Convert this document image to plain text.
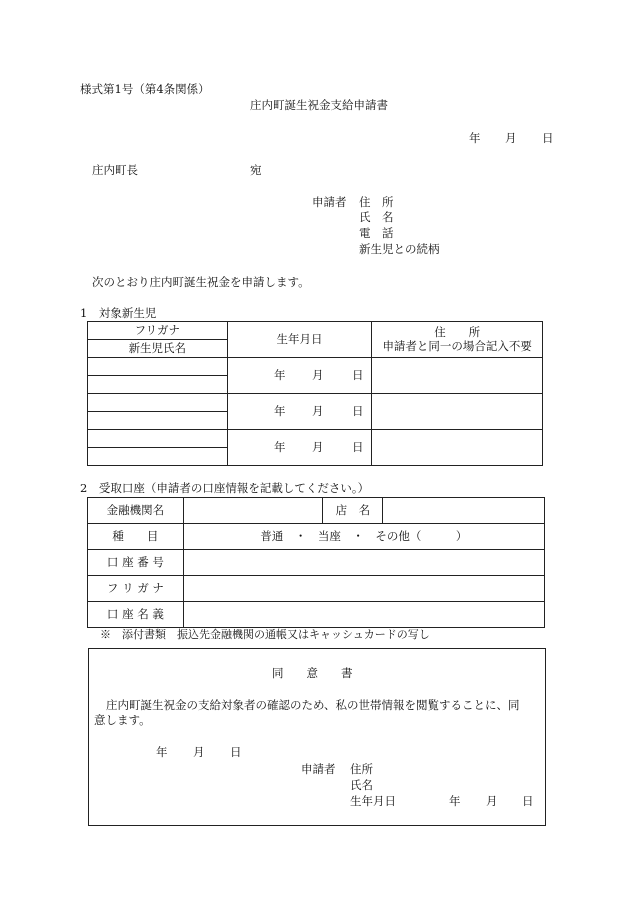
様式第1号（第4条関係）
庄内町誕生祝金支給申請書
年 月 日
庄内町長	宛
申請者 住　所
氏　名
電　話
新生児との続柄
次のとおり庄内町誕生祝金を申請します。
1　対象新生児
フリガナ	生年月日	住　　所
申請者と同一の場合記入不要

新生児氏名		
	年 月 日	

	年 月 日	

	年 月 日	

2　受取口座（申請者の口座情報を記載してください。）
金融機関名		店　名	
種　　目	普通　・　当座　・　その他（　　　）		
口 座 番 号			
フ リ ガ ナ			
口 座 名 義			
※　添付書類　振込先金融機関の通帳又はキャッシュカードの写し
同　　意　　書
庄内町誕生祝金の支給対象者の確認のため、私の世帯情報を閲覧することに、同
意します。
年 月 日
申請者 住所
氏名
生年月日	年 月 日
